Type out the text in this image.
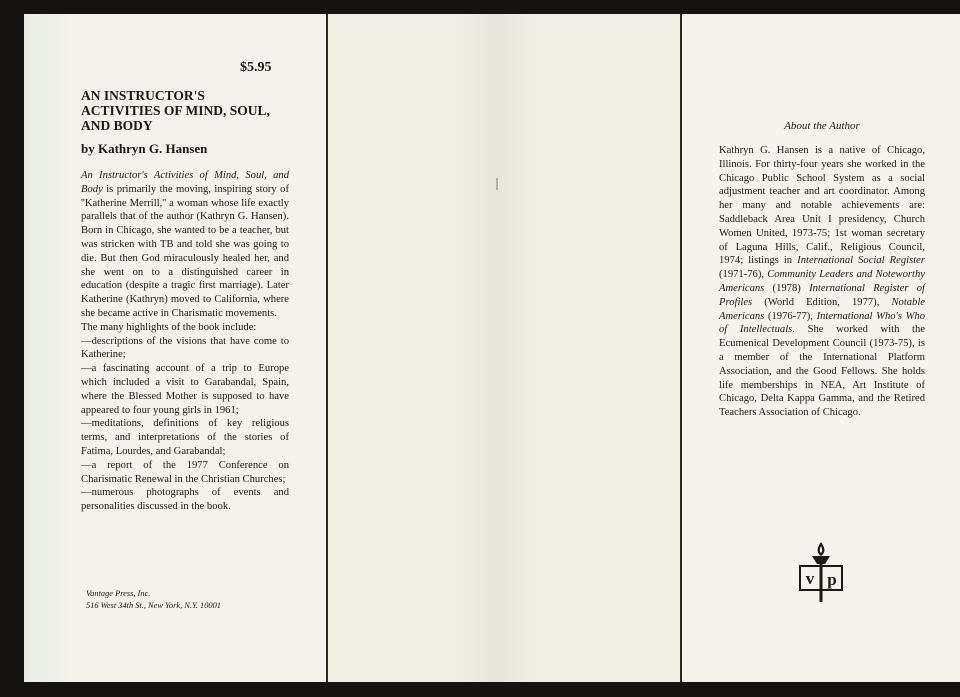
$5.95

AN INSTRUCTOR'S
ACTIVITIES OF MIND, SOUL,
AND BODY

by Kathryn G. Hansen

An Instructor's Activities of Mind, Soul, and Body is primarily the moving, inspiring story of ''Katherine Merrill,'' a woman whose life exactly parallels that of the author (Kathryn G. Hansen). Born in Chicago, she wanted to be a teacher, but was stricken with TB and told she was going to die. But then God miraculously healed her, and she went on to a distinguished career in education (despite a tragic first marriage). Later Katherine (Kathryn) moved to California, where she became active in Charismatic movements.

The many highlights of the book include:

—descriptions of the visions that have come to Katherine;

—a fascinating account of a trip to Europe which included a visit to Garabandal, Spain, where the Blessed Mother is supposed to have appeared to four young girls in 1961;

—meditations, definitions of key religious terms, and interpretations of the stories of Fatima, Lourdes, and Garabandal;

—a report of the 1977 Conference on Charismatic Renewal in the Christian Churches;

—numerous photographs of events and personalities discussed in the book.

Vantage Press, Inc.
516 West 34th St., New York, N.Y. 10001

About the Author

Kathryn G. Hansen is a native of Chicago, Illinois. For thirty-four years she worked in the Chicago Public School System as a social adjustment teacher and art coordinator. Among her many and notable achievements are: Saddleback Area Unit I presidency, Church Women United, 1973-75; 1st woman secretary of Laguna Hills, Calif., Religious Council, 1974; listings in International Social Register (1971-76), Community Leaders and Noteworthy Americans (1978) International Register of Profiles (World Edition, 1977), Notable Americans (1976-77), International Who's Who of Intellectuals. She worked with the Ecumenical Development Council (1973-75), is a member of the International Platform Association, and the Good Fellows. She holds life memberships in NEA, Art Institute of Chicago, Delta Kappa Gamma, and the Retired Teachers Association of Chicago.

v p
